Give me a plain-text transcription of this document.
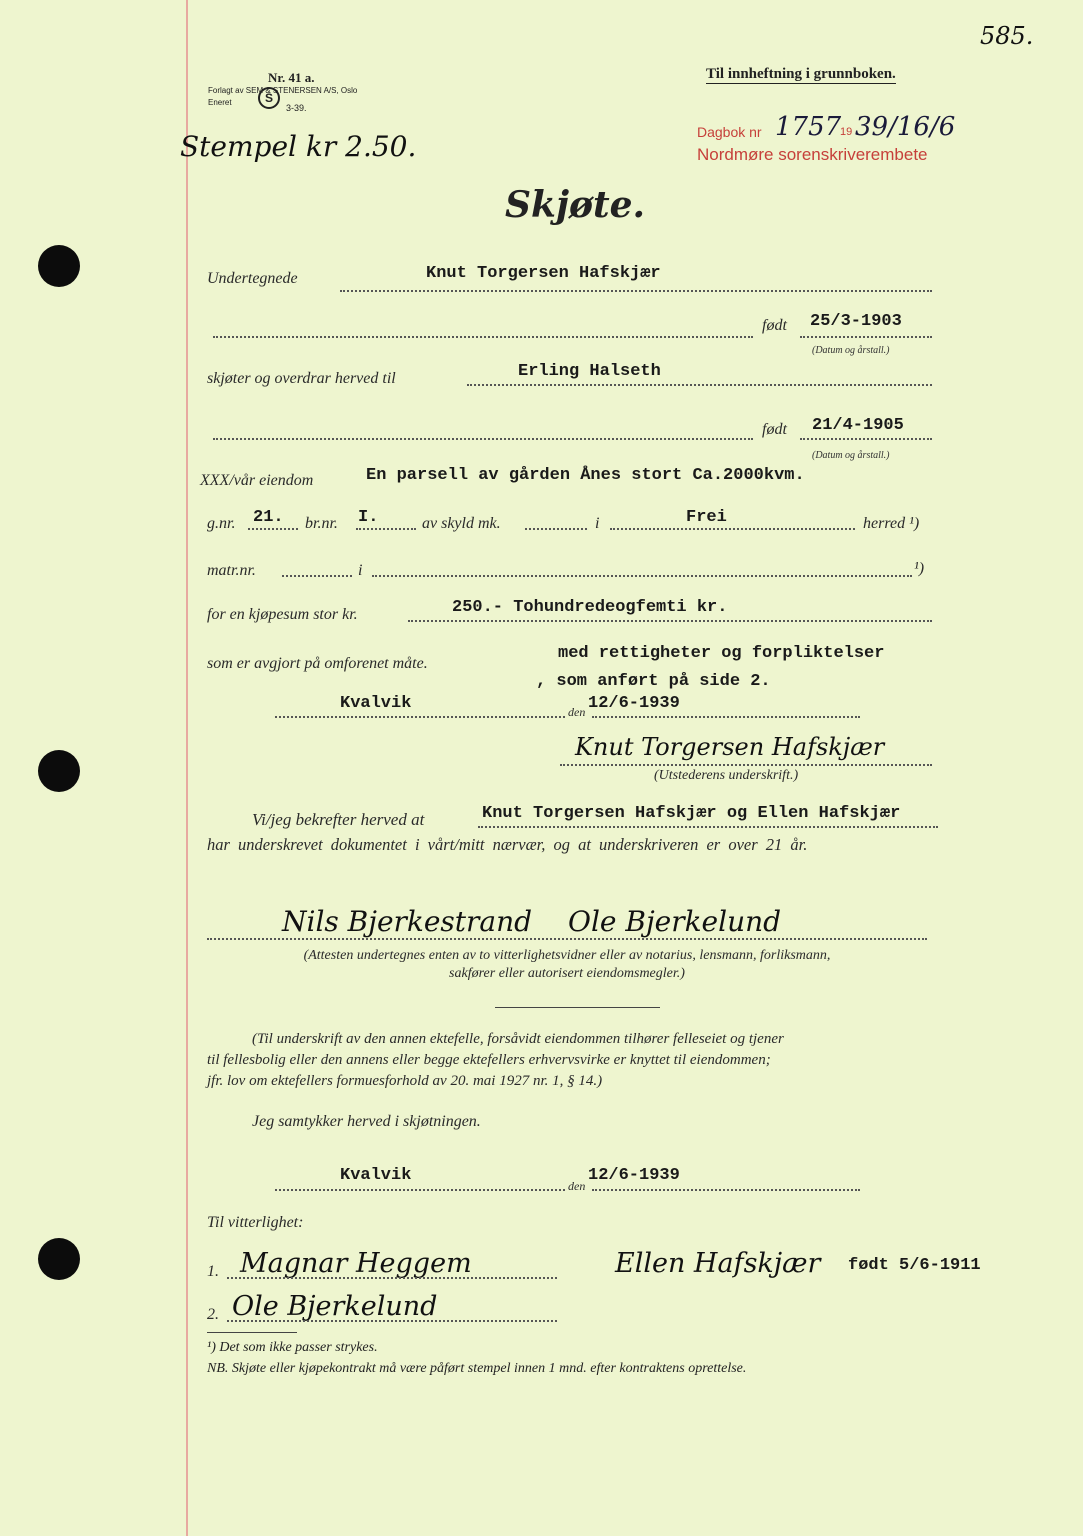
585.
Nr. 41 a.
Forlagt av SEM & STENERSEN A/S, Oslo
Eneret	S
3-39.
Til innheftning i grunnboken.
Stempel kr 2.50.	Dagbok nr 1757
19 39/16/6
Nordmøre sorenskriverembete
Skjøte.
Undertegnede	Knut Torgersen Hafskjær
født 25/3-1903
(Datum og årstall.)
skjøter og overdrar herved til	Erling Halseth
født 21/4-1905
(Datum og årstall.)
XXX/vår eiendom	En parsell av gården Ånes stort Ca.2000kvm.
g.nr. 21. br.nr. I.	av skyld mk.	i	Frei	herred ¹)
matr.nr.	i	¹)
for en kjøpesum stor kr.	250.- Tohundredeogfemti kr.
som er avgjort på omforenet måte.
med rettigheter og forpliktelser
, som anført på side 2.
Kvalvik	den 12/6-1939
Knut Torgersen Hafskjær
(Utstederens underskrift.)
Vi/jeg bekrefter herved at	Knut Torgersen Hafskjær og Ellen Hafskjær
har underskrevet dokumentet i vårt/mitt nærvær, og at underskriveren er over 21 år.
Nils Bjerkestrand Ole Bjerkelund
(Attesten undertegnes enten av to vitterlighetsvidner eller av notarius, lensmann, forliksmann,
sakfører eller autorisert eiendomsmegler.)
(Til underskrift av den annen ektefelle, forsåvidt eiendommen tilhører felleseiet og tjener
til fellesbolig eller den annens eller begge ektefellers erhvervsvirke er knyttet til eiendommen;
jfr. lov om ektefellers formuesforhold av 20. mai 1927 nr. 1, § 14.)
Jeg samtykker herved i skjøtningen.
Kvalvik
den
12/6-1939
Til vitterlighet:
1. Magnar Heggem	Ellen Hafskjær født 5/6-1911
2. Ole Bjerkelund
¹) Det som ikke passer strykes.
NB. Skjøte eller kjøpekontrakt må være påført stempel innen 1 mnd. efter kontraktens oprettelse.
